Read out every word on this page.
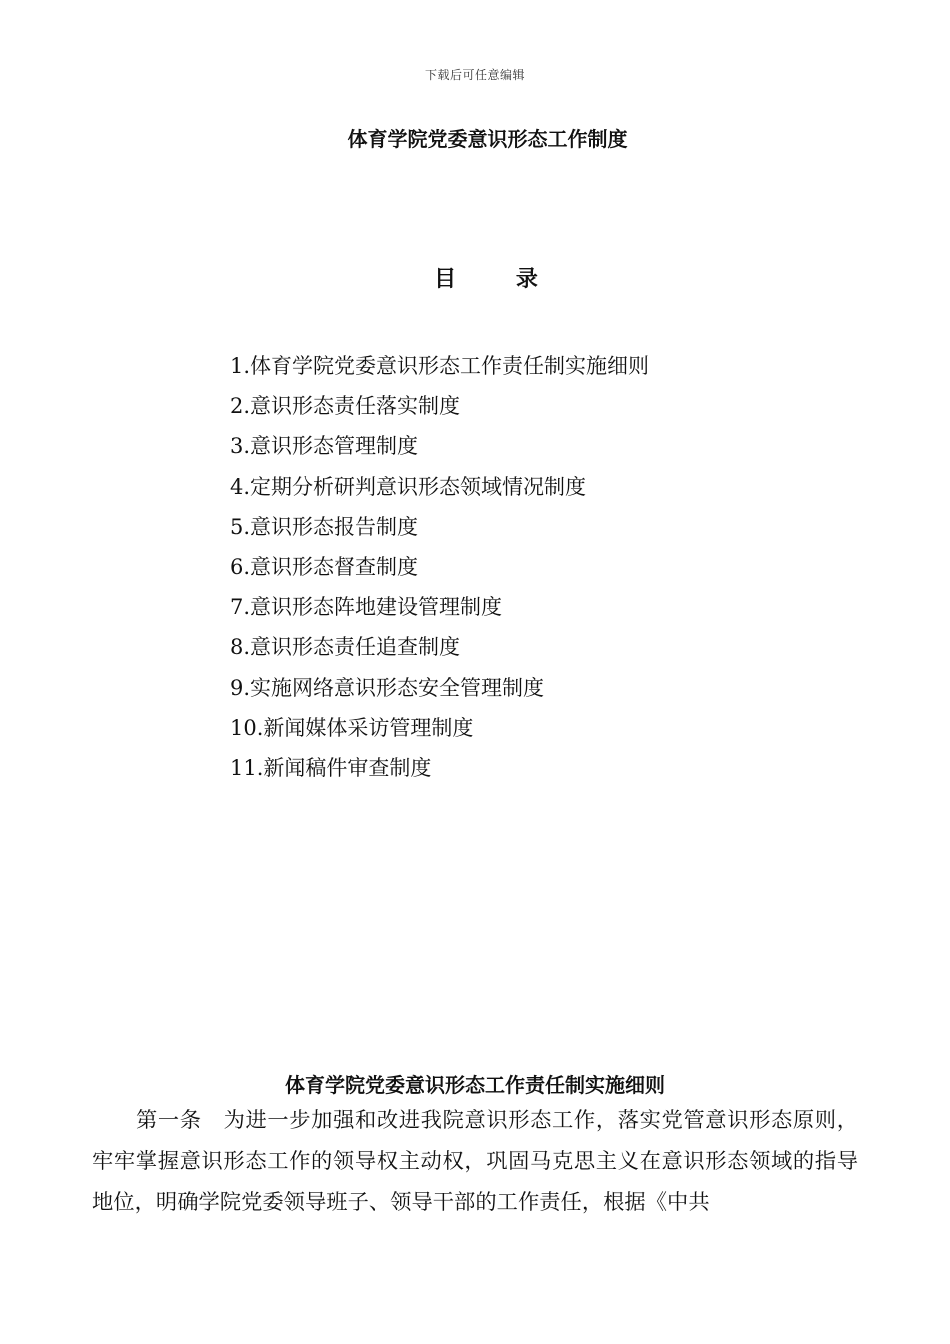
下载后可任意编辑
体育学院党委意识形态工作制度
目 录
1.体育学院党委意识形态工作责任制实施细则
2.意识形态责任落实制度
3.意识形态管理制度
4.定期分析研判意识形态领域情况制度
5.意识形态报告制度
6.意识形态督查制度
7.意识形态阵地建设管理制度
8.意识形态责任追查制度
9.实施网络意识形态安全管理制度
10.新闻媒体采访管理制度
11.新闻稿件审查制度
体育学院党委意识形态工作责任制实施细则

第一条　为进一步加强和改进我院意识形态工作，落实党管意识形态原则，牢牢掌握意识形态工作的领导权主动权，巩固马克思主义在意识形态领域的指导地位，明确学院党委领导班子、领导干部的工作责任，根据《中共
